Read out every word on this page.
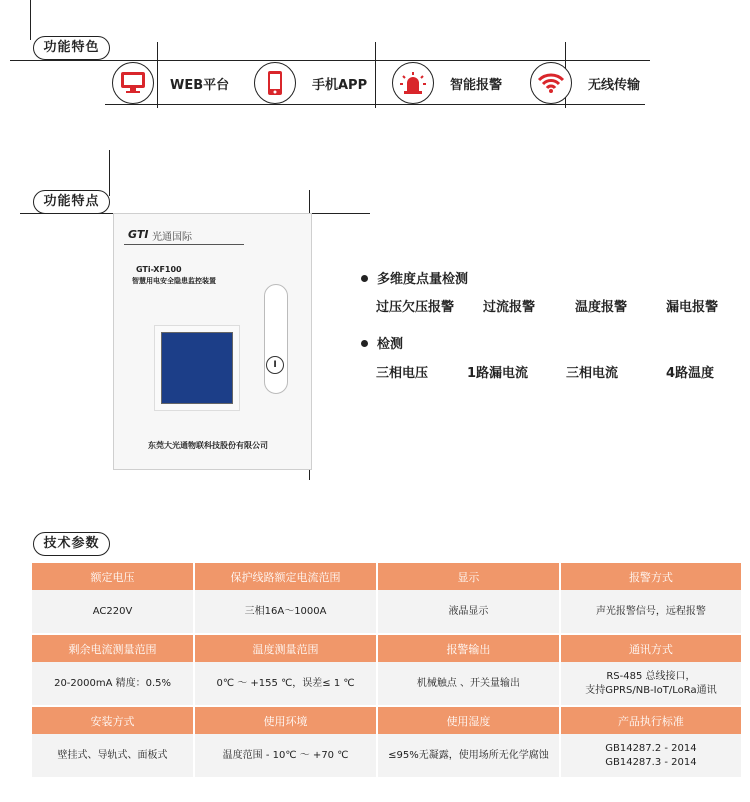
功能特色
WEB平台	手机APP	智能报警	无线传输
功能特点
GTI 光通国际
GTi-XF100
智慧用电安全隐患监控装置
I
东莞大光通物联科技股份有限公司
多维度点量检测
过压欠压报警 过流报警	温度报警	漏电报警
检测
三相电压	1路漏电流	三相电流	4路温度
技术参数
额定电压	保护线路额定电流范围	显示	报警方式
AC220V	三相16A～1000A	液晶显示	声光报警信号，远程报警

剩余电流测量范围	温度测量范围	报警输出	通讯方式
20-2000mA 精度：0.5%	0℃ ～ +155 ℃，误差≤ 1 ℃	机械触点 、开关量输出	RS-485 总线接口，
支持GPRS/NB-IoT/LoRa通讯

安装方式	使用环境	使用湿度	产品执行标准
壁挂式、导轨式、面板式	温度范围 - 10℃ ～ +70 ℃	≤95%无凝露，使用场所无化学腐蚀	GB14287.2 - 2014
GB14287.3 - 2014
